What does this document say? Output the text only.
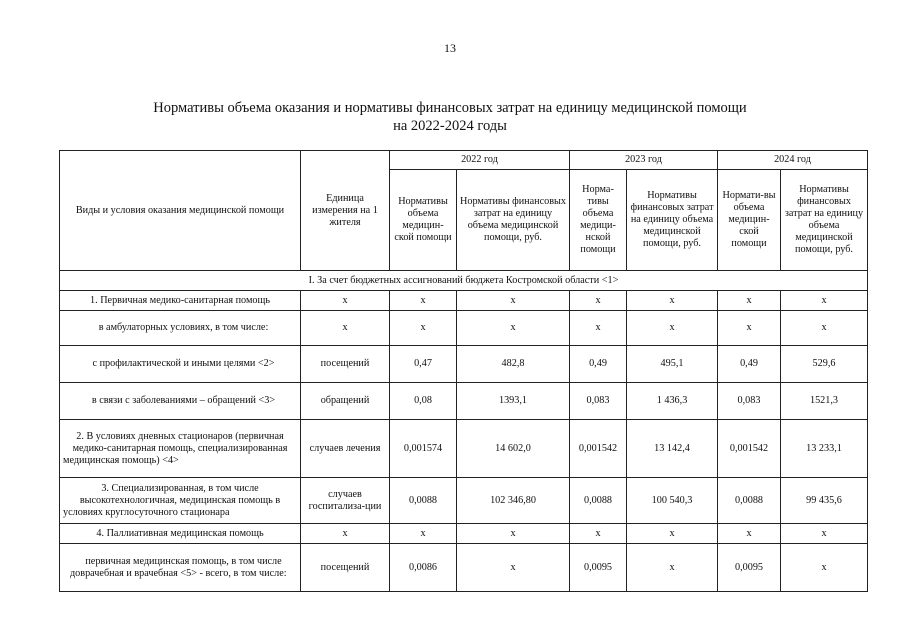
13
Нормативы объема оказания и нормативы финансовых затрат на единицу медицинской помощи
на 2022-2024 годы
Виды и условия оказания медицинской помощи	Единица измерения на 1 жителя	2022 год		2023 год		2024 год	
		Нормативы объема медицин-ской помощи	Нормативы финансовых затрат на единицу объема медицинской помощи, руб.	Норма-тивы объема медици-нской помощи	Нормативы финансовых затрат на единицу объема медицинской помощи, руб.	Нормати-вы объема медицин-ской помощи	Нормативы финансовых затрат на единицу объема медицинской помощи, руб.
I. За счет бюджетных ассигнований бюджета Костромской области <1>							
1. Первичная медико-санитарная помощь	х	х	х	х	х	х	х
в амбулаторных условиях, в том числе:	х	х	х	х	х	х	х
с профилактической и иными целями <2>	посещений	0,47	482,8	0,49	495,1	0,49	529,6
в связи с заболеваниями – обращений <3>	обращений	0,08	1393,1	0,083	1 436,3	0,083	1521,3
2. В условиях дневных стационаров (первичная медико-санитарная помощь, специализированная медицинская помощь) <4>	случаев лечения	0,001574	14 602,0	0,001542	13 142,4	0,001542	13 233,1
3. Специализированная, в том числе высокотехнологичная, медицинская помощь в условиях круглосуточного стационара	случаев госпитализа-ции	0,0088	102 346,80	0,0088	100 540,3	0,0088	99 435,6
4. Паллиативная медицинская помощь	х	х	х	х	х	х	х
первичная медицинская помощь, в том числе доврачебная и врачебная <5> - всего, в том числе:	посещений	0,0086	х	0,0095	х	0,0095	х
